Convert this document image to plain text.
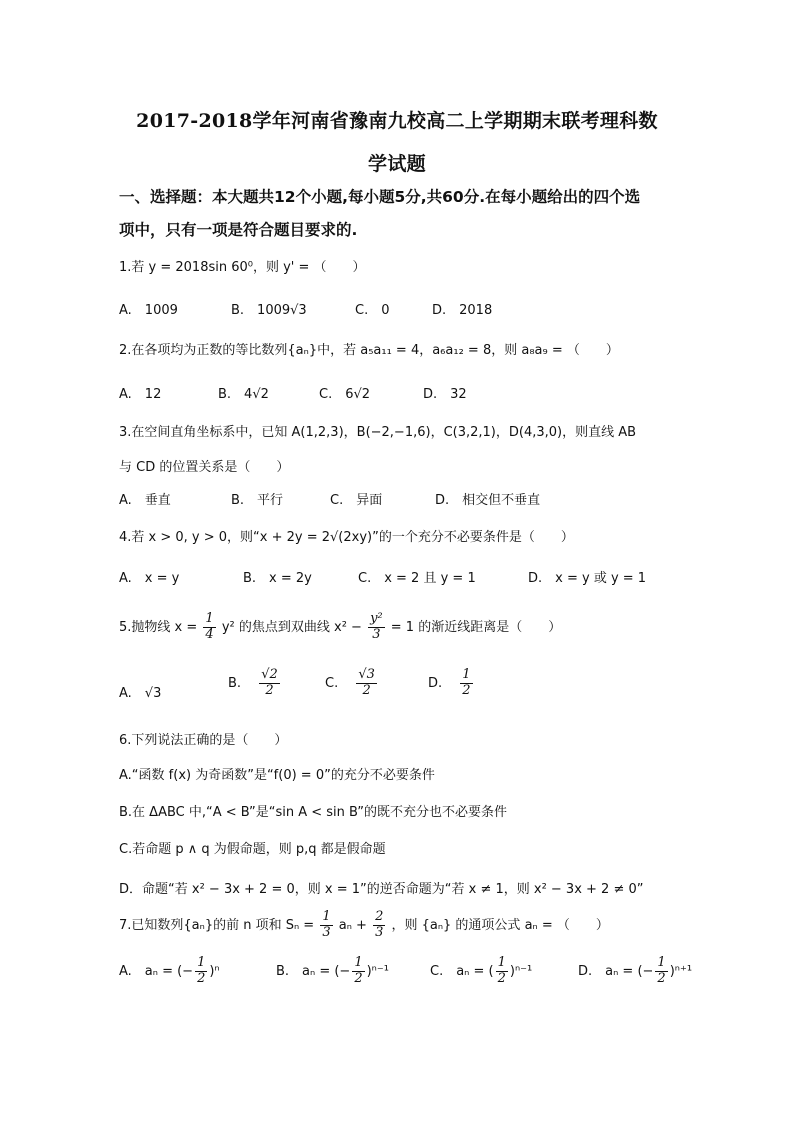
2017-2018学年河南省豫南九校高二上学期期末联考理科数
学试题
一、选择题：本大题共12个小题,每小题5分,共60分.在每小题给出的四个选
项中，只有一项是符合题目要求的.
1.若 y = 2018sin 60⁰，则 y' = （　　）
A.　1009	B.　1009√3	C.　0	D.　2018
2.在各项均为正数的等比数列{aₙ}中，若 a₅a₁₁ = 4，a₆a₁₂ = 8，则 a₈a₉ = （　　）
A.　12	B.　4√2	C.　6√2	D.　32
3.在空间直角坐标系中，已知 A(1,2,3)，B(−2,−1,6)，C(3,2,1)，D(4,3,0)，则直线 AB
与 CD 的位置关系是（　　）
A.　垂直	B.　平行	C.　异面	D.　相交但不垂直
4.若 x > 0, y > 0，则“x + 2y = 2√(2xy)”的一个充分不必要条件是（　　）
A.　x = y	B.　x = 2y	C.　x = 2 且 y = 1	D.　x = y 或 y = 1
5.抛物线 $x = \frac{1}{4} y^2$ 的焦点到双曲线 $x^2 - \frac{\text{y²}}{3} = 1$ 的渐近线距离是（　　）
A.　√3
B. $\frac{√2}{2}$	C. $\frac{√3}{2}$	D. $\frac{1}{2}$
6.下列说法正确的是（　　）
A.“函数 f(x) 为奇函数”是“f(0) = 0”的充分不必要条件
B.在 ΔABC 中,“A < B”是“sin A < sin B”的既不充分也不必要条件
C.若命题 p ∧ q 为假命题，则 p,q 都是假命题
D．命题“若 x² − 3x + 2 = 0，则 x = 1”的逆否命题为“若 x ≠ 1，则 x² − 3x + 2 ≠ 0”
7.已知数列{aₙ}的前 n 项和 $S_n = \frac{1}{3}$ $a_n + \frac{2}{3}$ ，则 {aₙ} 的通项公式 aₙ = （　　）
A.　aₙ = (− $\frac{1}{2} )^n$	B.　aₙ = (− $\frac{1}{2} )^{n-1}$	C.　aₙ = ( $\frac{1}{2} )^{n-1}$	D.　aₙ = (− $\frac{1}{2} )^{n+1}$
